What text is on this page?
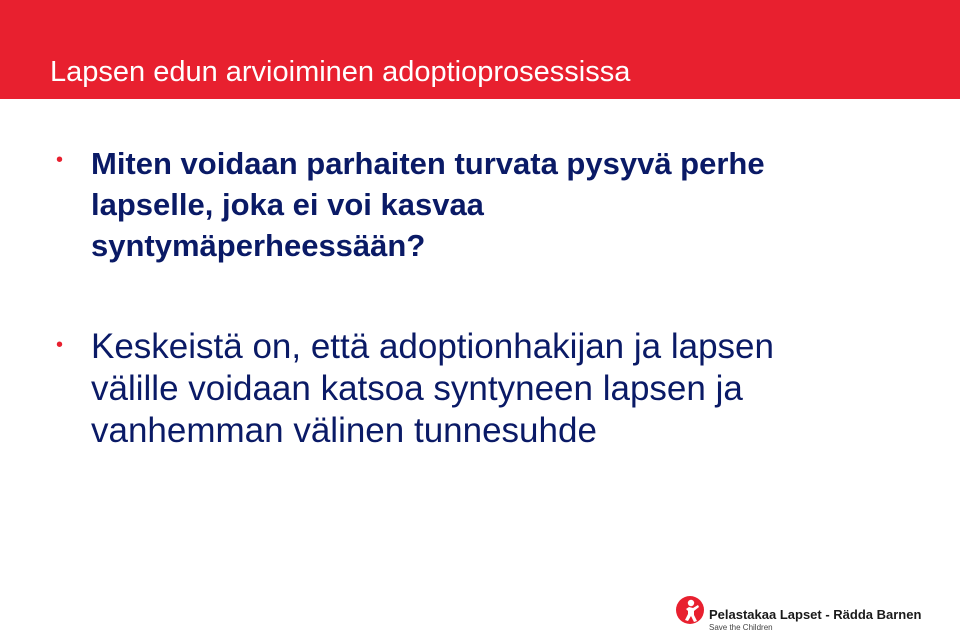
Lapsen edun arvioiminen adoptioprosessissa
• Miten voidaan parhaiten turvata pysyvä perhe
lapselle, joka ei voi kasvaa
syntymäperheessään?
• Keskeistä on, että adoptionhakijan ja lapsen
välille voidaan katsoa syntyneen lapsen ja
vanhemman välinen tunnesuhde
Pelastakaa Lapset - Rädda Barnen
Save the Children
